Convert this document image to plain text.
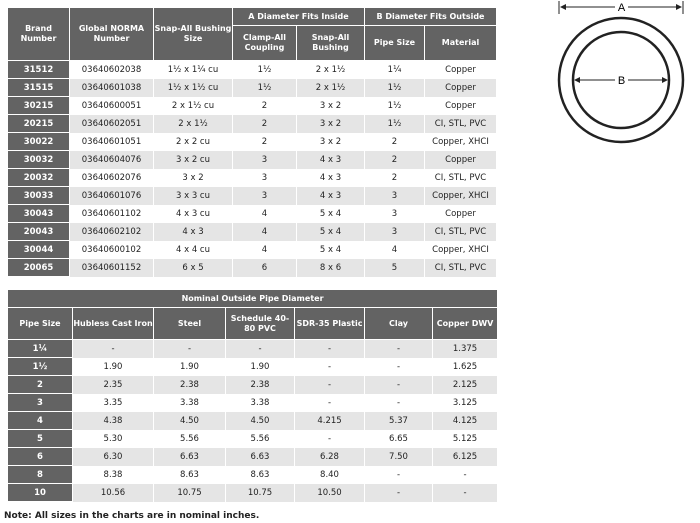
Brand Number	Global NORMA Number	Snap-All Bushing Size	A Diameter Fits Inside		B Diameter Fits Outside	
			Clamp-All Coupling	Snap-All Bushing	Pipe Size	Material
31512	03640602038	1½ x 1¼ cu	1½	2 x 1½	1¼	Copper
31515	03640601038	1½ x 1½ cu	1½	2 x 1½	1½	Copper
30215	03640600051	2 x 1½ cu	2	3 x 2	1½	Copper
20215	03640602051	2 x 1½	2	3 x 2	1½	CI, STL, PVC
30022	03640601051	2 x 2 cu	2	3 x 2	2	Copper, XHCI
30032	03640604076	3 x 2 cu	3	4 x 3	2	Copper
20032	03640602076	3 x 2	3	4 x 3	2	CI, STL, PVC
30033	03640601076	3 x 3 cu	3	4 x 3	3	Copper, XHCI
30043	03640601102	4 x 3 cu	4	5 x 4	3	Copper
20043	03640602102	4 x 3	4	5 x 4	3	CI, STL, PVC
30044	03640600102	4 x 4 cu	4	5 x 4	4	Copper, XHCI
20065	03640601152	6 x 5	6	8 x 6	5	CI, STL, PVC
Nominal Outside Pipe Diameter						
Pipe Size	Hubless Cast Iron	Steel	Schedule 40-80 PVC	SDR-35 Plastic	Clay	Copper DWV
1¼	-	-	-	-	-	1.375
1½	1.90	1.90	1.90	-	-	1.625
2	2.35	2.38	2.38	-	-	2.125
3	3.35	3.38	3.38	-	-	3.125
4	4.38	4.50	4.50	4.215	5.37	4.125
5	5.30	5.56	5.56	-	6.65	5.125
6	6.30	6.63	6.63	6.28	7.50	6.125
8	8.38	8.63	8.63	8.40	-	-
10	10.56	10.75	10.75	10.50	-	-
A
B
Note: All sizes in the charts are in nominal inches.
